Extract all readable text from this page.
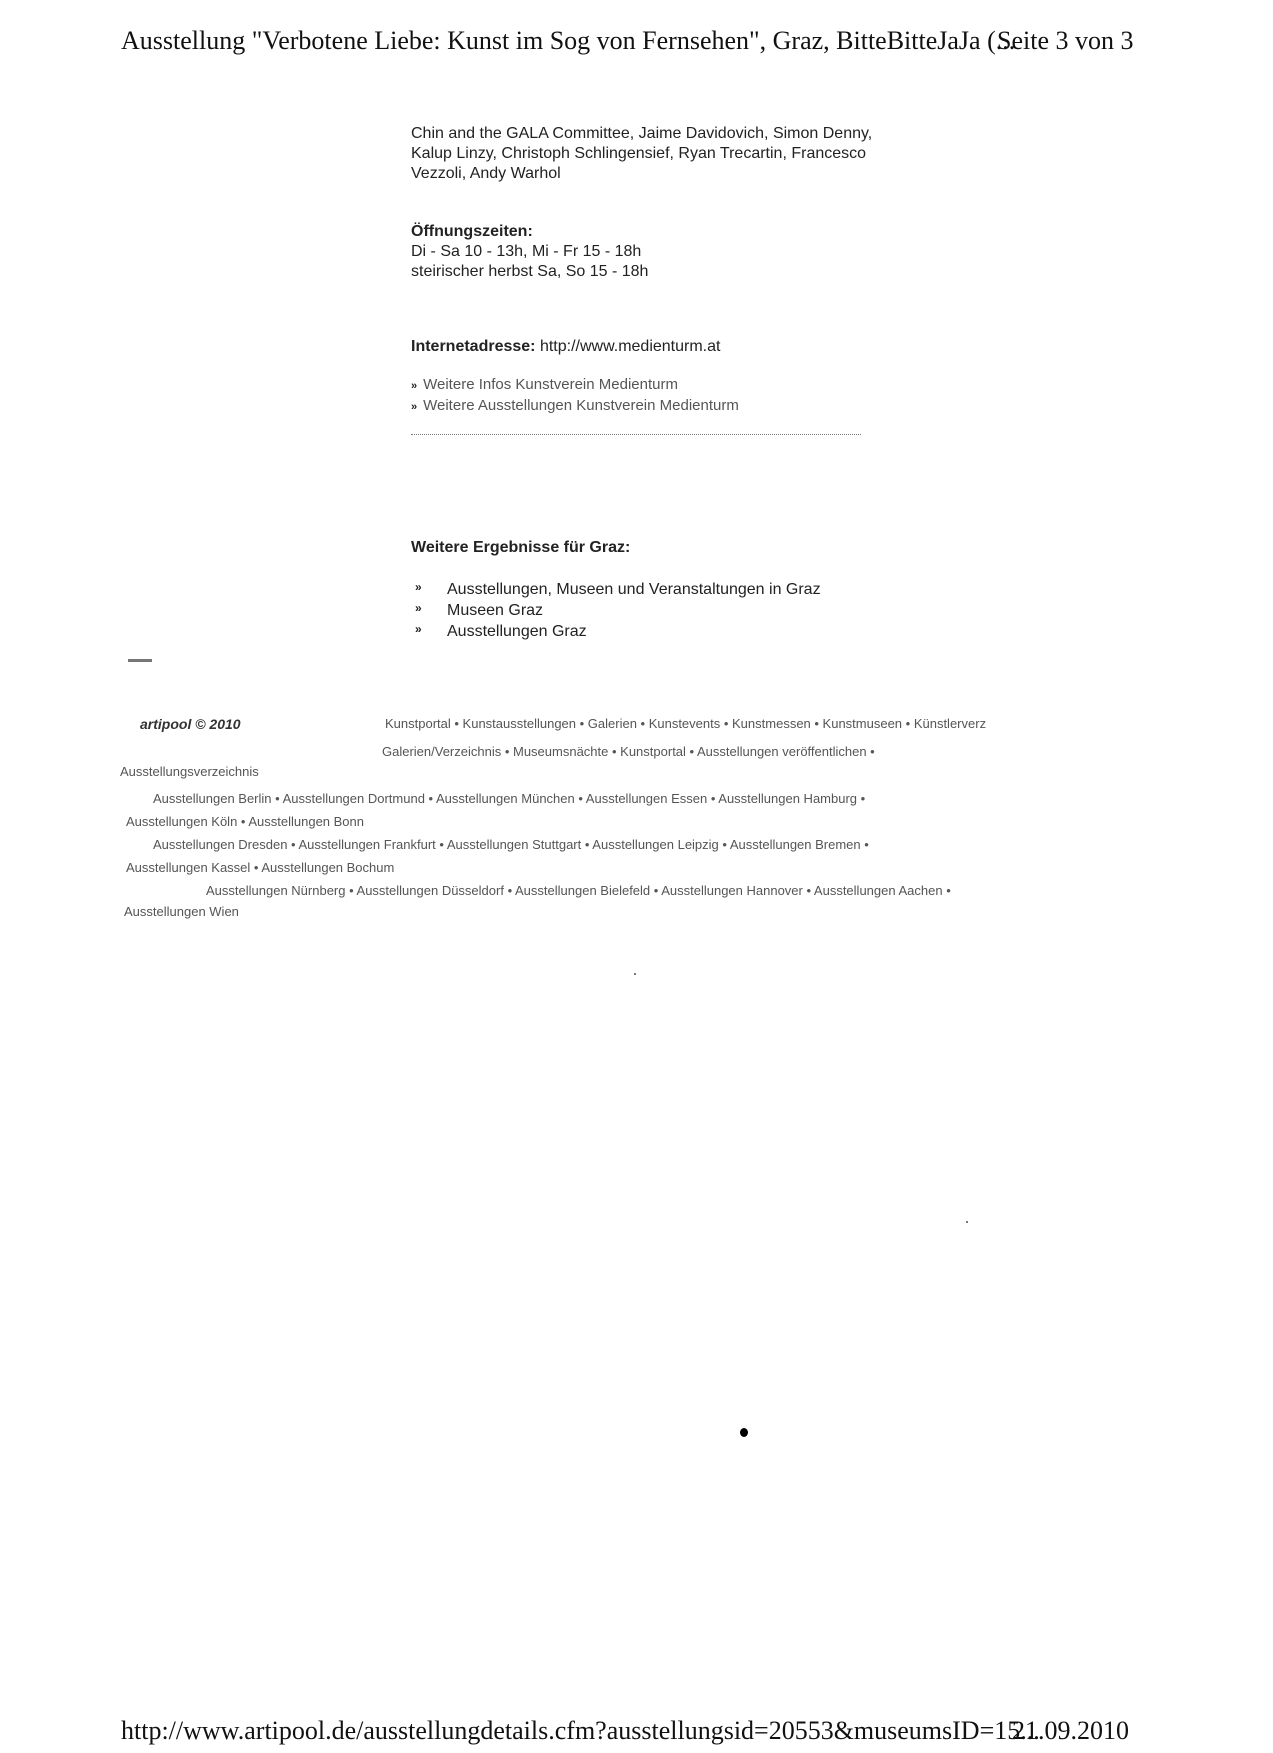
Ausstellung "Verbotene Liebe: Kunst im Sog von Fernsehen", Graz, BitteBitteJaJa (...
Seite 3 von 3
Chin and the GALA Committee, Jaime Davidovich, Simon Denny,
Kalup Linzy, Christoph Schlingensief, Ryan Trecartin, Francesco
Vezzoli, Andy Warhol
Öffnungszeiten:
Di - Sa 10 - 13h, Mi - Fr 15 - 18h
steirischer herbst Sa, So 15 - 18h
Internetadresse: http://www.medienturm.at
» Weitere Infos Kunstverein Medienturm
» Weitere Ausstellungen Kunstverein Medienturm
Weitere Ergebnisse für Graz:
» Ausstellungen, Museen und Veranstaltungen in Graz
» Museen Graz
» Ausstellungen Graz
artipool © 2010	Kunstportal • Kunstausstellungen • Galerien • Kunstevents • Kunstmessen • Kunstmuseen • Künstlerverz
Galerien/Verzeichnis • Museumsnächte • Kunstportal • Ausstellungen veröffentlichen •
Ausstellungsverzeichnis
Ausstellungen Berlin • Ausstellungen Dortmund • Ausstellungen München • Ausstellungen Essen • Ausstellungen Hamburg •
Ausstellungen Köln • Ausstellungen Bonn
Ausstellungen Dresden • Ausstellungen Frankfurt • Ausstellungen Stuttgart • Ausstellungen Leipzig • Ausstellungen Bremen •
Ausstellungen Kassel • Ausstellungen Bochum
Ausstellungen Nürnberg • Ausstellungen Düsseldorf • Ausstellungen Bielefeld • Ausstellungen Hannover • Ausstellungen Aachen •
Ausstellungen Wien
http://www.artipool.de/ausstellungdetails.cfm?ausstellungsid=20553&museumsID=15...
21.09.2010
